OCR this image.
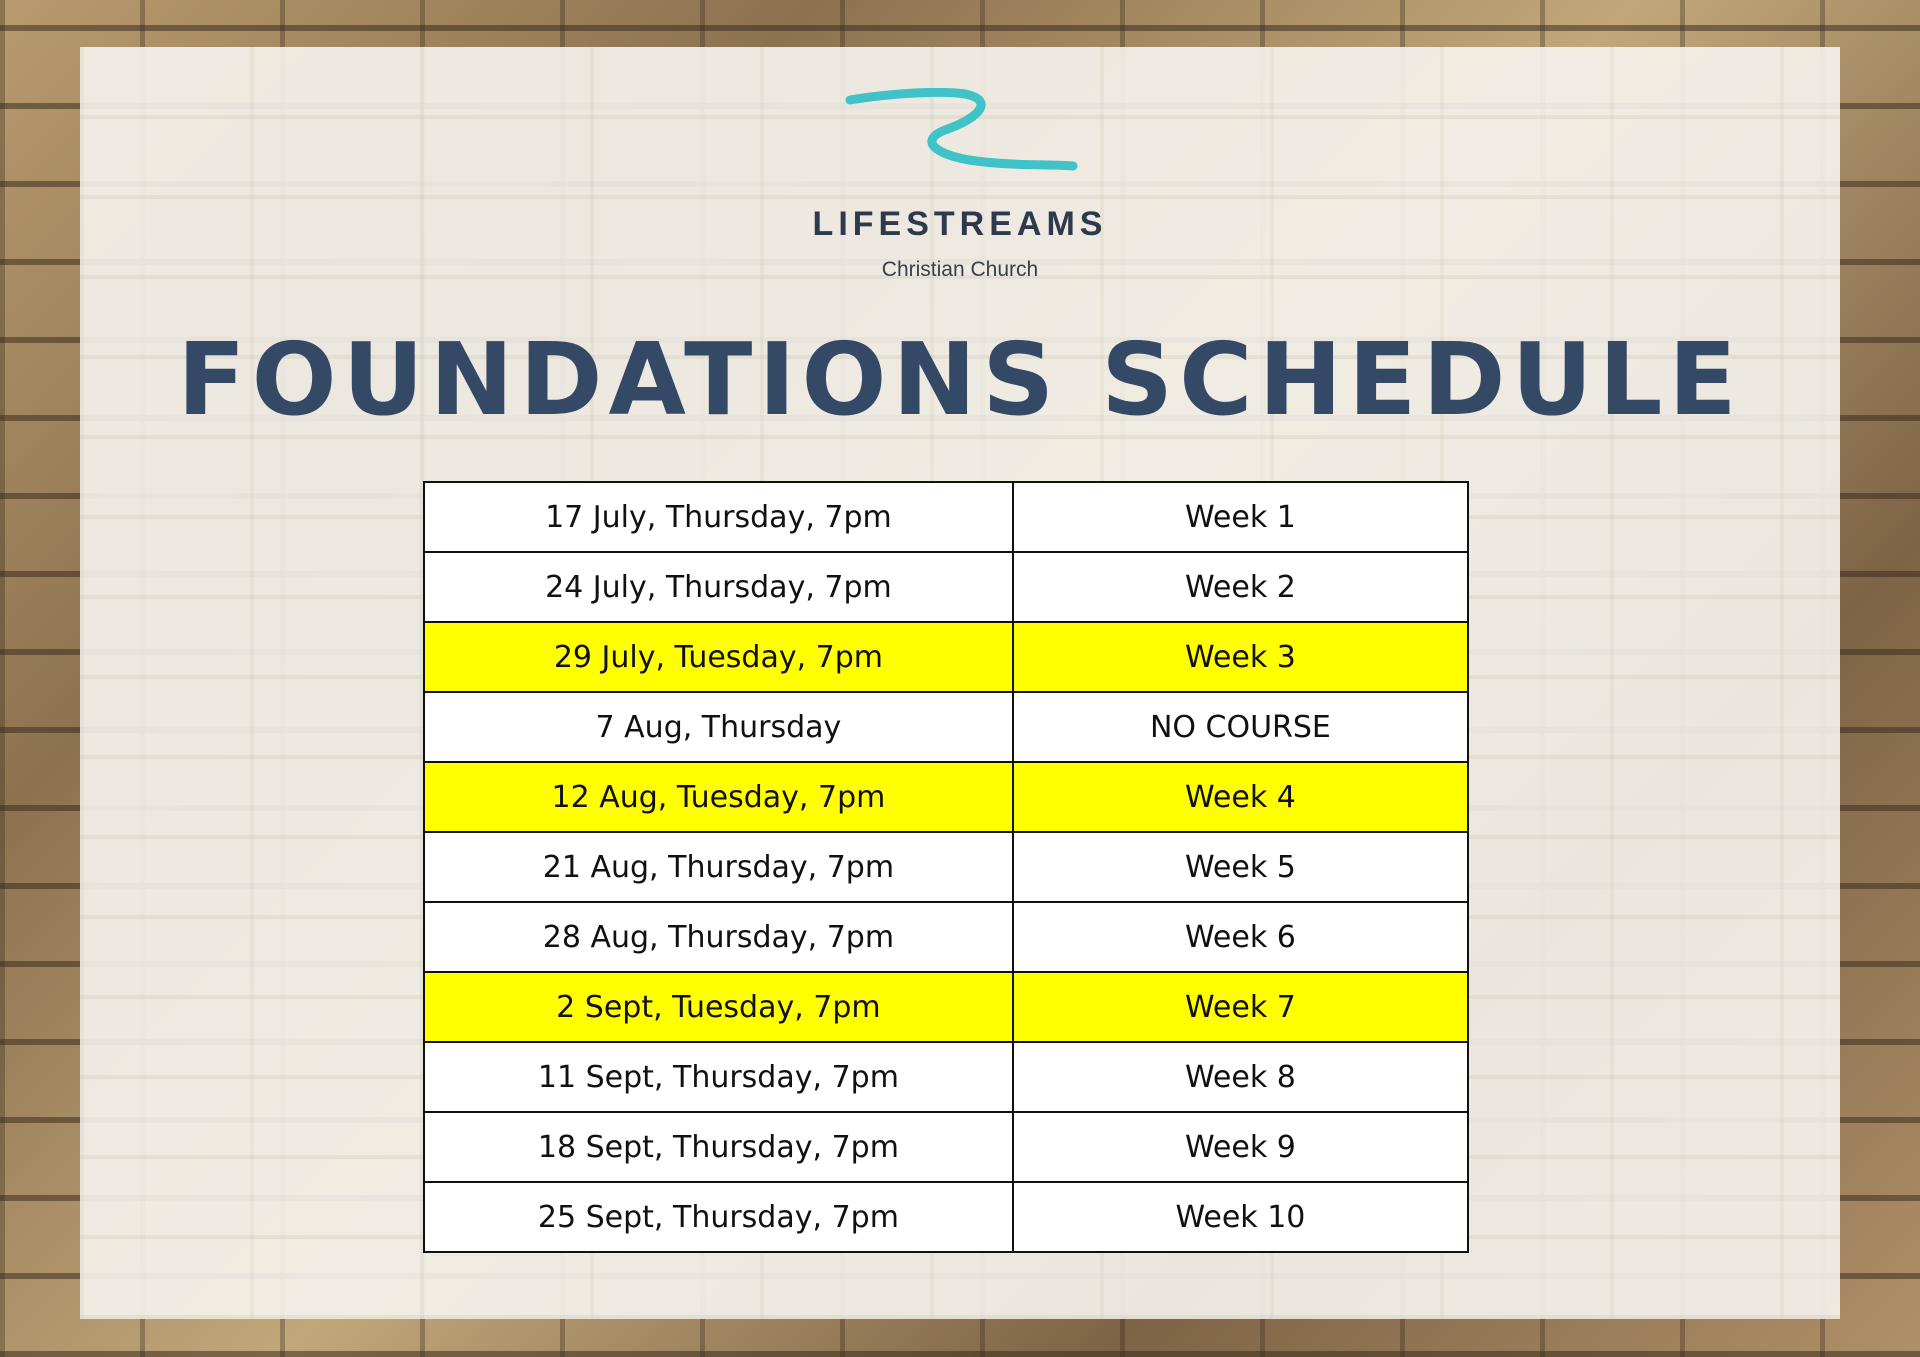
LIFESTREAMS
Christian Church
FOUNDATIONS SCHEDULE
17 July, Thursday, 7pm	Week 1
24 July, Thursday, 7pm	Week 2
29 July, Tuesday, 7pm	Week 3
7 Aug, Thursday	NO COURSE
12 Aug, Tuesday, 7pm	Week 4
21 Aug, Thursday, 7pm	Week 5
28 Aug, Thursday, 7pm	Week 6
2 Sept, Tuesday, 7pm	Week 7
11 Sept, Thursday, 7pm	Week 8
18 Sept, Thursday, 7pm	Week 9
25 Sept, Thursday, 7pm	Week 10
